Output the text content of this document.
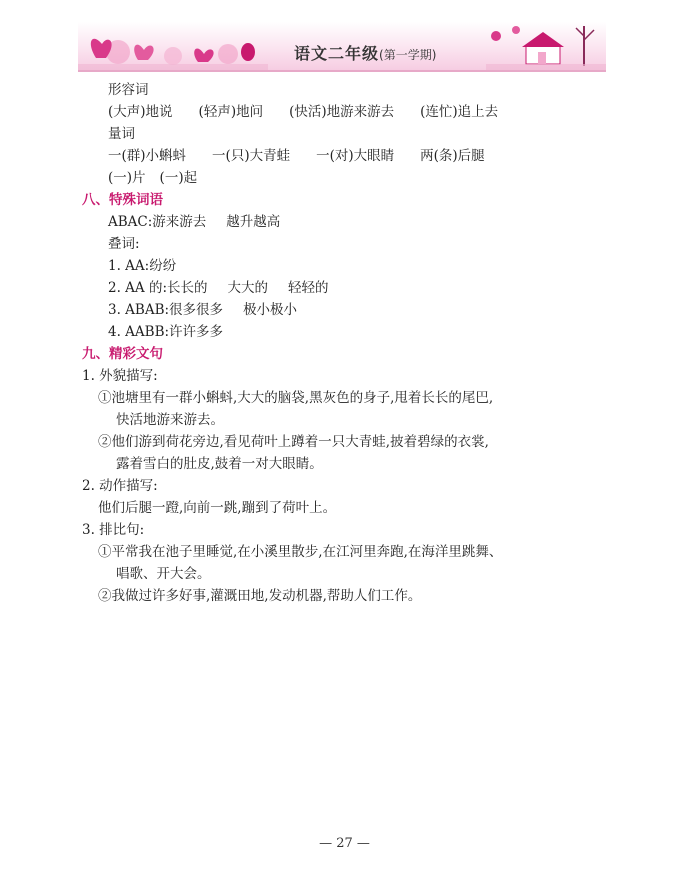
语文二年级(第一学期)
形容词
(大声)地说 (轻声)地问 (快活)地游来游去 (连忙)追上去
量词
一(群)小蝌蚪 一(只)大青蛙 一(对)大眼睛 两(条)后腿
(一)片 (一)起
八、特殊词语
ABAC:游来游去 越升越高
叠词:
1. AA:纷纷
2. AA 的:长长的 大大的 轻轻的
3. ABAB:很多很多 极小极小
4. AABB:许许多多
九、精彩文句
1. 外貌描写:
①池塘里有一群小蝌蚪,大大的脑袋,黑灰色的身子,甩着长长的尾巴,
快活地游来游去。
②他们游到荷花旁边,看见荷叶上蹲着一只大青蛙,披着碧绿的衣裳,
露着雪白的肚皮,鼓着一对大眼睛。
2. 动作描写:
他们后腿一蹬,向前一跳,蹦到了荷叶上。
3. 排比句:
①平常我在池子里睡觉,在小溪里散步,在江河里奔跑,在海洋里跳舞、
唱歌、开大会。
②我做过许多好事,灌溉田地,发动机器,帮助人们工作。
— 27 —
